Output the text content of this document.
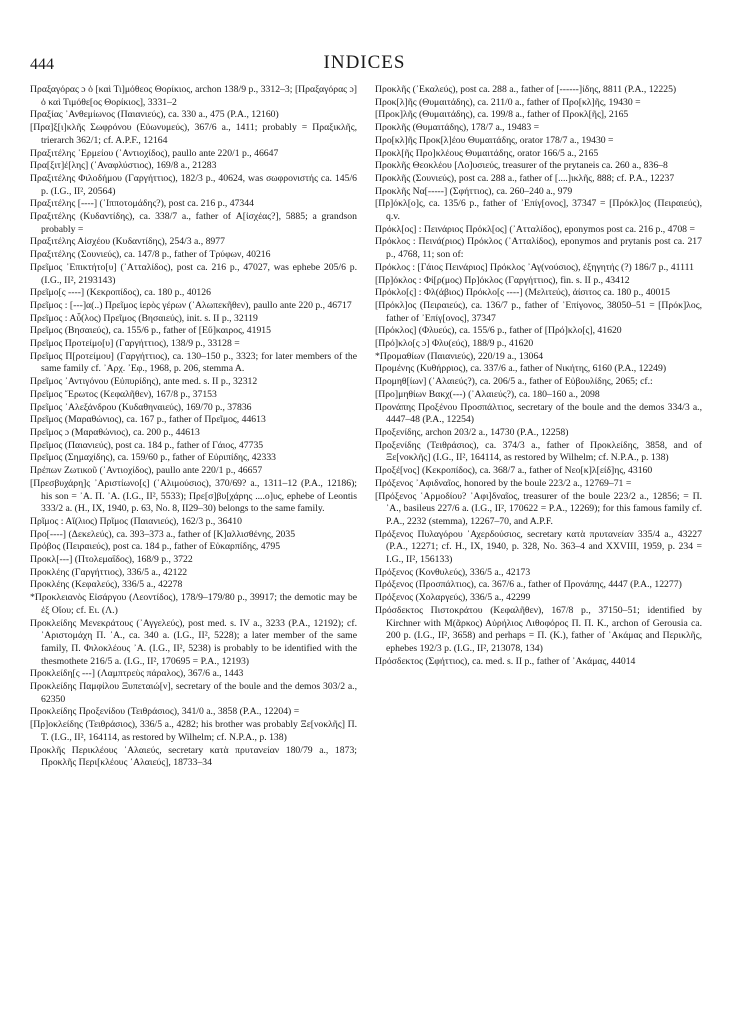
444	INDICES

Πραξαγόρας ɔ ὁ [καὶ Τι]μόθεος Θορίκιος, archon 138/9 p., 3312–3; [Πραξαγόρας ɔ] ὁ καὶ Τιμόθε[ος Θορίκιος], 3331–2

Πραξίας ᾿Ανθεμίωνος (Παιανιεύς), ca. 330 a., 475 (P.A., 12160)

[Πρα]ξ[ι]κλῆς Σωφρόνου (Εὐωνυμεύς), 367/6 a., 1411; probably = Πραξικλῆς, trierarch 362/1; cf. A.P.F., 12164

Πραξιτέλης ῾Ερμείου (᾿Αντιοχίδος), paullo ante 220/1 p., 46647

Πρα[ξιτ]έ[λης] (᾿Αναφλύστιος), 169/8 a., 21283

Πραξιτέλης Φιλοδήμου (Γαργήττιος), 182/3 p., 40624, was σωφρονιστής ca. 145/6 p. (I.G., II², 20564)

Πραξιτέλης [----] (῾Ιπποτομάδης?), post ca. 216 p., 47344

Πραξιτέλης (Κυδαντίδης), ca. 338/7 a., father of Α[ἰσχέας?], 5885; a grandson probably =

Πραξιτέλης Αἰσχέου (Κυδαντίδης), 254/3 a., 8977

Πραξιτέλης (Σουνιεύς), ca. 147/8 p., father of Τρύφων, 40216

Πρεῖμος ᾿Επικτήτο[υ] (᾿Ατταλίδος), post ca. 216 p., 47027, was ephebe 205/6 p. (I.G., II², 2193143)

Πρεῖμο[ς ----] (Κεκροπίδος), ca. 180 p., 40126

Πρεῖμος : [---]α(..) Πρεῖμος ἱερὸς γέρων (᾿Αλωπεκῆθεν), paullo ante 220 p., 46717

Πρεῖμος : Αὖ(λος) Πρεῖμος (Βησαιεύς), init. s. II p., 32119

Πρεῖμος (Βησαιεύς), ca. 155/6 p., father of [Εὔ]καιρος, 41915

Πρεῖμος Προτείμο[υ] (Γαργήττιος), 138/9 p., 33128 =

Πρεῖμος Π[ροτείμου] (Γαργήττιος), ca. 130–150 p., 3323; for later members of the same family cf. ᾿Αρχ. ᾿Εφ., 1968, p. 206, stemma A.

Πρεῖμος ᾿Αντιγόνου (Εὐπυρίδης), ante med. s. II p., 32312

Πρεῖμος ῎Ερωτος (Κεφαλῆθεν), 167/8 p., 37153

Πρεῖμος ᾿Αλεξάνδρου (Κυδαθηναιεύς), 169/70 p., 37836

Πρεῖμος (Μαραθώνιος), ca. 167 p., father of Πρεῖμος, 44613

Πρεῖμος ɔ (Μαραθώνιος), ca. 200 p., 44613

Πρεῖμος (Παιανιεύς), post ca. 184 p., father of Γάιος, 47735

Πρεῖμος (Σημαχίδης), ca. 159/60 p., father of Εὐριπίδης, 42333

Πρέπων Ζωτικοῦ (᾿Αντιοχίδος), paullo ante 220/1 p., 46657

[Πρεσβυχάρη]ς ᾿Αριστίωνο[ς] (῾Αλιμούσιος), 370/69? a., 1311–12 (P.A., 12186); his son = ᾿Α. Π. ᾿Α. (I.G., II², 5533); Πρε[σ]βυ[χάρης ....ο]υς, ephebe of Leontis 333/2 a. (H., IX, 1940, p. 63, No. 8, II29–30) belongs to the same family.

Πρῖμος : Αἴ(λιος) Πρῖμος (Παιανιεύς), 162/3 p., 36410

Προ[----] (Δεκελεύς), ca. 393–373 a., father of [Κ]αλλισθένης, 2035

Πρόβος (Πειραιεύς), post ca. 184 p., father of Εὐκαρπίδης, 4795

Προκλ[---] (Πτολεμαΐδος), 168/9 p., 3722

Προκλέης (Γαργήττιος), 336/5 a., 42122

Προκλέης (Κεφαλεύς), 336/5 a., 42278

*Προκλειανὸς Εἰσάργου (Λεοντίδος), 178/9–179/80 p., 39917; the demotic may be ἐξ Οἴου; cf. Ει. (Λ.)

Προκλείδης Μενεκράτους (᾿Αγγελεύς), post med. s. IV a., 3233 (P.A., 12192); cf. ᾿Αριστομάχη Π. ᾿Α., ca. 340 a. (I.G., II², 5228); a later member of the same family, Π. Φιλοκλέους ᾿Α. (I.G., II², 5238) is probably to be identified with the thesmothete 216/5 a. (I.G., II², 170695 = P.A., 12193)

Προκλείδη[ς ---] (Λαμπτρεὺς πάραλος), 367/6 a., 1443

Προκλείδης Παμφίλου Ξυπεταιώ[ν], secretary of the boule and the demos 303/2 a., 62350

Προκλείδης Προξενίδου (Τειθράσιος), 341/0 a., 3858 (P.A., 12204) =

[Πρ]οκλείδης (Τειθράσιος), 336/5 a., 4282; his brother was probably Ξε[νοκλῆς] Π. Τ. (I.G., II², 164114, as restored by Wilhelm; cf. N.P.A., p. 138)

Προκλῆς Περικλέους ᾿Αλαιεύς, secretary κατὰ πρυτανείαν 180/79 a., 1873; Προκλῆς Περι[κλέους ᾿Αλαιεύς], 18733–34

Προκλῆς (᾿Εκαλεύς), post ca. 288 a., father of [------]ίδης, 8811 (P.A., 12225)

Προκ[λ]ῆς (Θυμαιτάδης), ca. 211/0 a., father of Προ[κλ]ῆς, 19430 =

[Προκ]λῆς (Θυμαιτάδης), ca. 199/8 a., father of Προκλ[ῆς], 2165

Προκλῆς (Θυμαιτάδης), 178/7 a., 19483 =

Προ[κλ]ῆς Προκ[λ]έου Θυμαιτάδης, orator 178/7 a., 19430 =

Προκλ[ῆς Προ]κλέους Θυμαιτάδης, orator 166/5 a., 2165

Προκλῆς Θεοκλέου [Λο]υσιεύς, treasurer of the prytaneis ca. 260 a., 836–8

Προκλῆς (Σουνιεύς), post ca. 288 a., father of [....]ικλῆς, 888; cf. P.A., 12237

Προκλῆς Να[-----] (Σφήττιος), ca. 260–240 a., 979

[Πρ]όκλ[ο]ς, ca. 135/6 p., father of ᾿Επίγ[ονος], 37347 = [Πρόκλ]ος (Πειραιεύς), q.v.

Πρόκλ[ος] : Πεινάριος Πρόκλ[ος] (᾿Ατταλίδος), eponymos post ca. 216 p., 4708 =

Πρόκλος : Πεινά(ριος) Πρόκλος (᾿Ατταλίδος), eponymos and prytanis post ca. 217 p., 4768, 11; son of:

Πρόκλος : [Γάιος Πεινάριος] Πρόκλος ᾿Αγ(νούσιος), ἐξηγητής (?) 186/7 p., 41111

[Πρ]όκλος : Φί[ρ(μος) Πρ]όκλος (Γαργήττιος), fin. s. II p., 43412

Πρόκλο[ς] : Φλ(άβιος) Πρόκλο[ς ----] (Μελιτεύς), ἀίσιτος ca. 180 p., 40015

[Πρόκλ]ος (Πειραιεύς), ca. 136/7 p., father of ᾿Επίγονος, 38050–51 = [Πρόκ]λος, father of ᾿Επίγ[ονος], 37347

[Πρόκλος] (Φλυεύς), ca. 155/6 p., father of [Πρό]κλο[ς], 41620

[Πρό]κλο[ς ɔ] Φλυ(εύς), 188/9 p., 41620

*Προμαθίων (Παιανιεύς), 220/19 a., 13064

Προμένης (Κυθήρριος), ca. 337/6 a., father of Νικήτης, 6160 (P.A., 12249)

Προμηθ[ίων] (᾿Αλαιεύς?), ca. 206/5 a., father of Εὐβουλίδης, 2065; cf.:

[Προ]μηθίων Βακχ(---) (᾿Αλαιεύς?), ca. 180–160 a., 2098

Προνάπης Προξένου Προσπάλτιος, secretary of the boule and the demos 334/3 a., 4447–48 (P.A., 12254)

Προξενίδης, archon 203/2 a., 14730 (P.A., 12258)

Προξενίδης (Τειθράσιος), ca. 374/3 a., father of Προκλείδης, 3858, and of Ξε[νοκλῆς] (I.G., II², 164114, as restored by Wilhelm; cf. N.P.A., p. 138)

Προξέ[νος] (Κεκροπίδος), ca. 368/7 a., father of Νεο[κ]λ[είδ]ης, 43160

Πρόξενος ᾿Αφιδναῖος, honored by the boule 223/2 a., 12769–71 =

[Πρόξενος ῾Αρμοδίου? ᾿Αφι]δναῖος, treasurer of the boule 223/2 a., 12856; = Π. ᾿Α., basileus 227/6 a. (I.G., II², 170622 = P.A., 12269); for this famous family cf. P.A., 2232 (stemma), 12267–70, and A.P.F.

Πρόξενος Πυλαγόρου ᾿Αχερδούσιος, secretary κατὰ πρυτανείαν 335/4 a., 43227 (P.A., 12271; cf. H., IX, 1940, p. 328, No. 363–4 and XXVIII, 1959, p. 234 = I.G., II², 156133)

Πρόξενος (Κονθυλεύς), 336/5 a., 42173

Πρόξενος (Προσπάλτιος), ca. 367/6 a., father of Προνάπης, 4447 (P.A., 12277)

Πρόξενος (Χολαργεύς), 336/5 a., 42299

Πρόσδεκτος Πιστοκράτου (Κεφαλῆθεν), 167/8 p., 37150–51; identified by Kirchner with Μ(ᾶρκος) Αὐρήλιος Λιθοφόρος Π. Π. Κ., archon of Gerousia ca. 200 p. (I.G., II², 3658) and perhaps = Π. (Κ.), father of ᾿Ακάμας and Περικλῆς, ephebes 192/3 p. (I.G., II², 213078, 134)

Πρόσδεκτος (Σφήττιος), ca. med. s. II p., father of ᾿Ακάμας, 44014
